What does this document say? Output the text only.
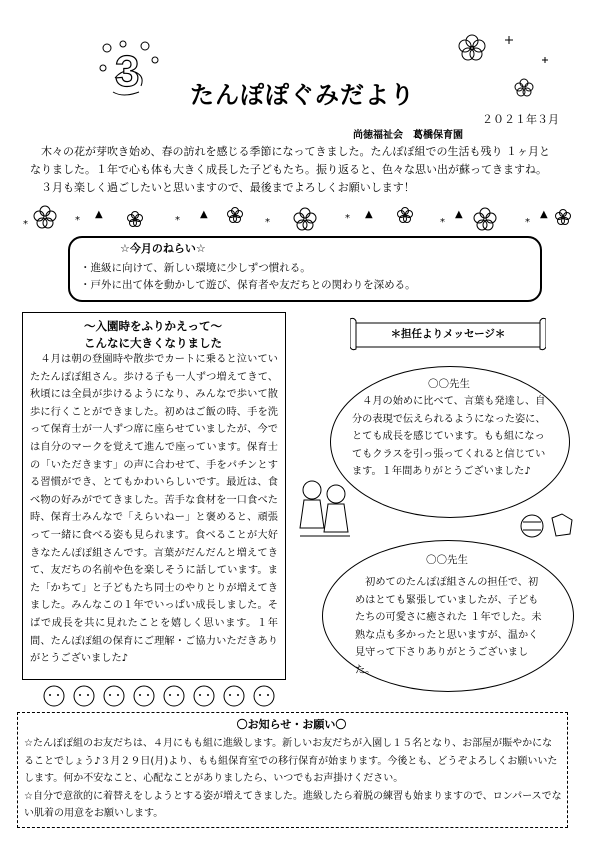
3 たんぽぽぐみだより
２０２１年３月
尚徳福祉会　葛橋保育園

　木々の花が芽吹き始め、春の訪れを感じる季節になってきました。たんぽぽ組での生活も残り １ヶ月と

なりました。１年で心も体も大きく成長した子どもたち。振り返ると、色々な思い出が蘇ってきますね。

　３月も楽しく過ごしたいと思いますので、最後までよろしくお願いします！

*
▲
*
▲
*	* ▲
*
▲
*
▲
*
☆今月のねらい☆
・進級に向けて、新しい環境に少しずつ慣れる。
・戸外に出て体を動かして遊び、保育者や友だちとの関わりを深める。
～入園時をふりかえって～
こんなに大きくなりました
　４月は朝の登園時や散歩でカートに乗ると泣いていたたんぽぽ組さん。歩ける子も一人ずつ増えてきて、秋頃には全員が歩けるようになり、みんなで歩いて散歩に行くことができました。初めはご飯の時、手を洗って保育士が一人ずつ席に座らせていましたが、今では自分のマークを覚えて進んで座っています。保育士の「いただきます」の声に合わせて、手をパチンとする習慣ができ、とてもかわいらしいです。最近は、食べ物の好みがでてきました。苦手な食材を一口食べた時、保育士みんなで「えらいねー」と褒めると、頑張って一緒に食べる姿も見られます。食べることが大好きなたんぽぽ組さんです。言葉がだんだんと増えてきて、友だちの名前や色を楽しそうに話しています。また「かちて」と子どもたち同士のやりとりが増えてきました。みんなこの１年でいっぱい成長しました。そばで成長を共に見れたことを嬉しく思います。１年間、たんぽぽ組の保育にご理解・ご協力いただきありがとうございました♪
＊担任よりメッセージ＊
〇〇先生
　４月の始めに比べて、言葉も発達し、自分の表現で伝えられるようになった姿に、とても成長を感じています。もも組になってもクラスを引っ張ってくれると信じています。１年間ありがとうございました♪
〇〇先生
　初めてのたんぽぽ組さんの担任で、初めはとても緊張していましたが、子どもたちの可愛さに癒された １年でした。未熟な点も多かったと思いますが、温かく見守って下さりありがとうございました。
〇お知らせ・お願い〇

☆たんぽぽ組のお友だちは、４月にもも組に進級します。新しいお友だちが入園し１５名となり、お部屋が賑やかになることでしょう♪３月２９日(月)より、もも組保育室での移行保育が始まります。今後とも、どうぞよろしくお願いいたします。何か不安なこと、心配なことがありましたら、いつでもお声掛けください。

☆自分で意欲的に着替えをしようとする姿が増えてきました。進級したら着脱の練習も始まりますので、ロンパースでない肌着の用意をお願いします。
